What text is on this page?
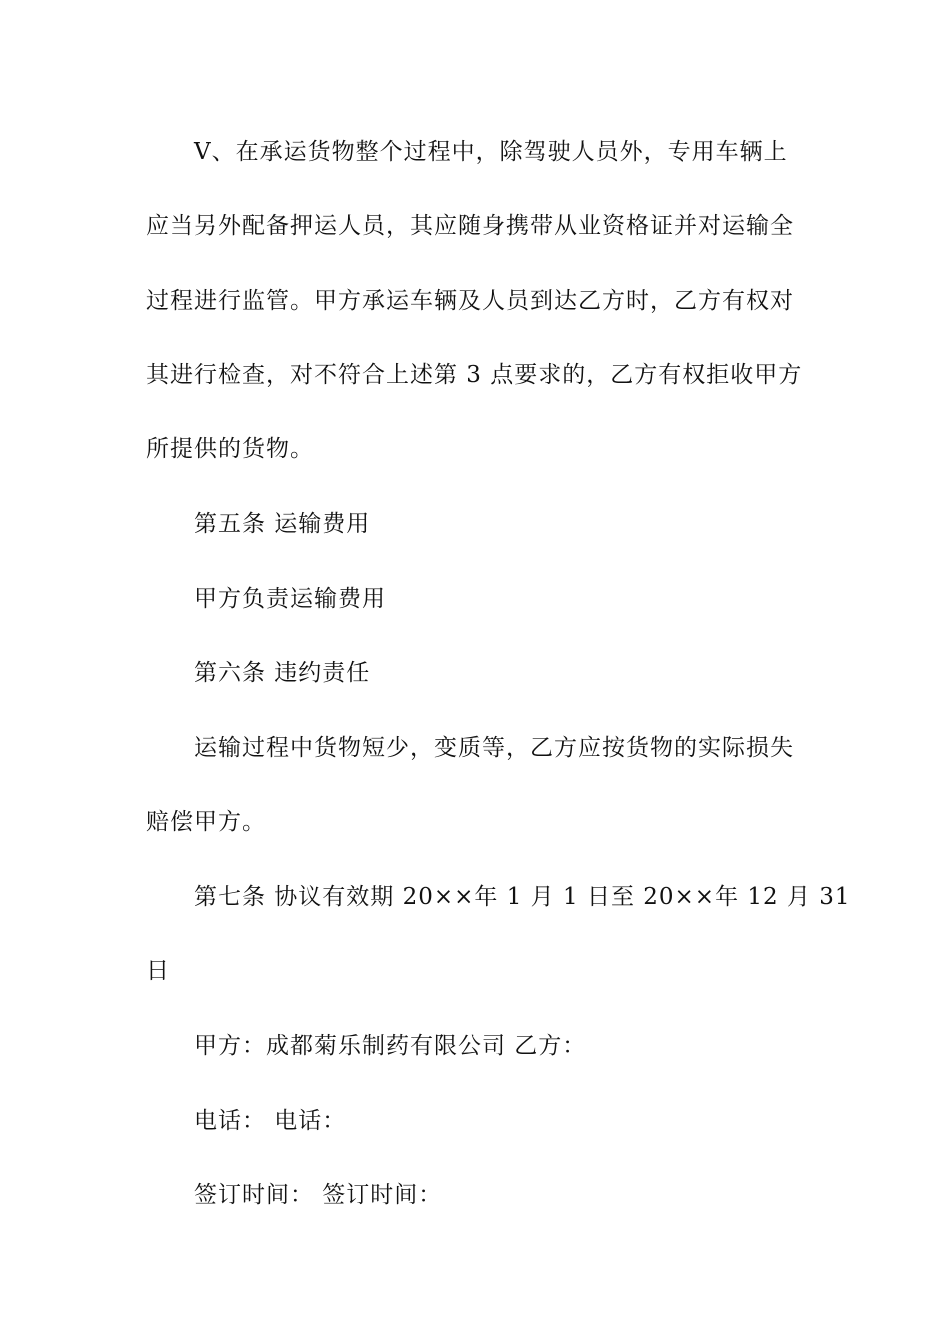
Ⅴ、在承运货物整个过程中，除驾驶人员外，专用车辆上
应当另外配备押运人员，其应随身携带从业资格证并对运输全
过程进行监管。甲方承运车辆及人员到达乙方时，乙方有权对
其进行检查，对不符合上述第 3 点要求的，乙方有权拒收甲方
所提供的货物。
第五条 运输费用
甲方负责运输费用
第六条 违约责任
运输过程中货物短少，变质等，乙方应按货物的实际损失
赔偿甲方。
第七条 协议有效期 20××年 1 月 1 日至 20××年 12 月 31
日
甲方：成都菊乐制药有限公司 乙方：
电话： 电话：
签订时间： 签订时间：
